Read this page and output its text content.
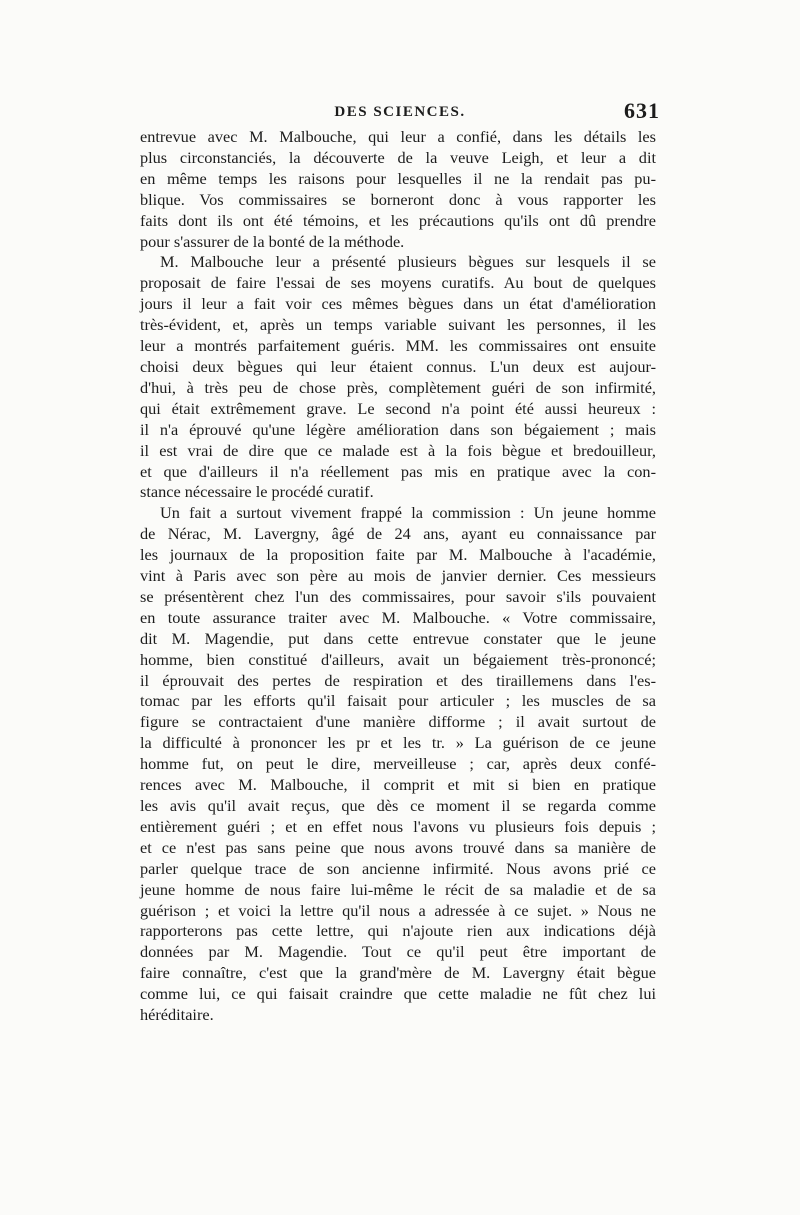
DES SCIENCES.	631
entrevue avec M. Malbouche, qui leur a confié, dans les détails les
plus circonstanciés, la découverte de la veuve Leigh, et leur a dit
en même temps les raisons pour lesquelles il ne la rendait pas pu-
blique. Vos commissaires se borneront donc à vous rapporter les
faits dont ils ont été témoins, et les précautions qu'ils ont dû prendre
pour s'assurer de la bonté de la méthode.
M. Malbouche leur a présenté plusieurs bègues sur lesquels il se
proposait de faire l'essai de ses moyens curatifs. Au bout de quelques
jours il leur a fait voir ces mêmes bègues dans un état d'amélioration
très-évident, et, après un temps variable suivant les personnes, il les
leur a montrés parfaitement guéris. MM. les commissaires ont ensuite
choisi deux bègues qui leur étaient connus. L'un deux est aujour-
d'hui, à très peu de chose près, complètement guéri de son infirmité,
qui était extrêmement grave. Le second n'a point été aussi heureux :
il n'a éprouvé qu'une légère amélioration dans son bégaiement ; mais
il est vrai de dire que ce malade est à la fois bègue et bredouilleur,
et que d'ailleurs il n'a réellement pas mis en pratique avec la con-
stance nécessaire le procédé curatif.
Un fait a surtout vivement frappé la commission : Un jeune homme
de Nérac, M. Lavergny, âgé de 24 ans, ayant eu connaissance par
les journaux de la proposition faite par M. Malbouche à l'académie,
vint à Paris avec son père au mois de janvier dernier. Ces messieurs
se présentèrent chez l'un des commissaires, pour savoir s'ils pouvaient
en toute assurance traiter avec M. Malbouche. « Votre commissaire,
dit M. Magendie, put dans cette entrevue constater que le jeune
homme, bien constitué d'ailleurs, avait un bégaiement très-prononcé;
il éprouvait des pertes de respiration et des tiraillemens dans l'es-
tomac par les efforts qu'il faisait pour articuler ; les muscles de sa
figure se contractaient d'une manière difforme ; il avait surtout de
la difficulté à prononcer les pr et les tr. » La guérison de ce jeune
homme fut, on peut le dire, merveilleuse ; car, après deux confé-
rences avec M. Malbouche, il comprit et mit si bien en pratique
les avis qu'il avait reçus, que dès ce moment il se regarda comme
entièrement guéri ; et en effet nous l'avons vu plusieurs fois depuis ;
et ce n'est pas sans peine que nous avons trouvé dans sa manière de
parler quelque trace de son ancienne infirmité. Nous avons prié ce
jeune homme de nous faire lui-même le récit de sa maladie et de sa
guérison ; et voici la lettre qu'il nous a adressée à ce sujet. » Nous ne
rapporterons pas cette lettre, qui n'ajoute rien aux indications déjà
données par M. Magendie. Tout ce qu'il peut être important de
faire connaître, c'est que la grand'mère de M. Lavergny était bègue
comme lui, ce qui faisait craindre que cette maladie ne fût chez lui
héréditaire.
